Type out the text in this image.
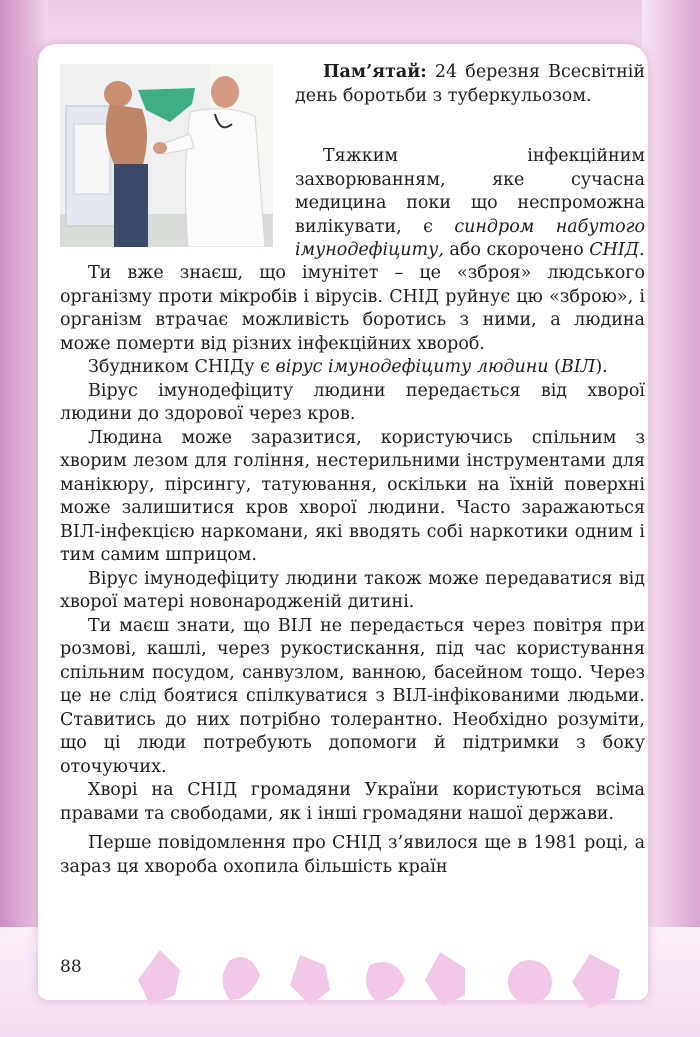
Пам’ятай: 24 березня Всесвітній день боротьби з туберкульозом.
Тяжким інфекційним захворюванням, яке сучасна медицина поки що неспроможна вилікувати, є синдром набутого імунодефіциту, або скорочено СНІД.
Ти вже знаєш, що імунітет – це «зброя» людського організму проти мікробів і вірусів. СНІД руйнує цю «зброю», і організм втрачає можливість боротись з ними, а людина може померти від різних інфекційних хвороб.
Збудником СНІДу є вірус імунодефіциту людини (ВІЛ).
Вірус імунодефіциту людини передається від хворої людини до здорової через кров.
Людина може заразитися, користуючись спільним з хворим лезом для гоління, нестерильними інструментами для манікюру, пірсингу, татуювання, оскільки на їхній поверхні може залишитися кров хворої людини. Часто заражаються ВІЛ-інфекцією наркомани, які вводять собі наркотики одним і тим самим шприцом.
Вірус імунодефіциту людини також може передаватися від хворої матері новонародженій дитині.
Ти маєш знати, що ВІЛ не передається через повітря при розмові, кашлі, через рукостискання, під час користування спільним посудом, санвузлом, ванною, басейном тощо. Через це не слід боятися спілкуватися з ВІЛ-інфікованими людьми. Ставитись до них потрібно толерантно. Необхідно розуміти, що ці люди потребують допомоги й підтримки з боку оточуючих.
Хворі на СНІД громадяни України користуються всіма правами та свободами, як і інші громадяни нашої держави.
Перше повідомлення про СНІД з’явилося ще в 1981 році, а зараз ця хвороба охопила більшість країн
88
